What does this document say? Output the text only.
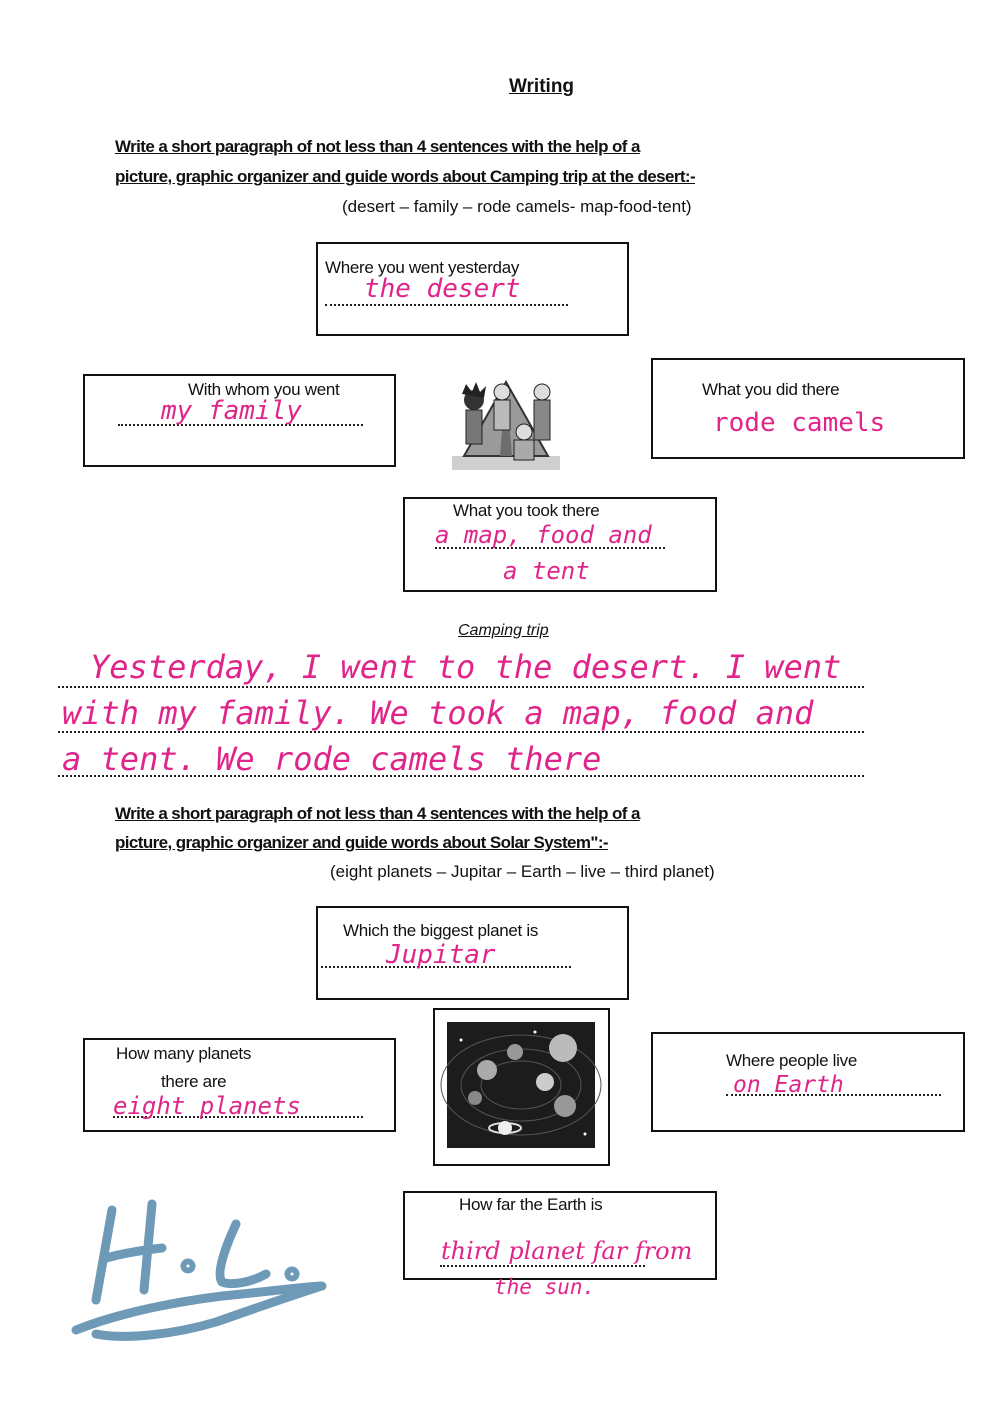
Writing
Write a short paragraph of not less than 4 sentences with the help of a
picture, graphic organizer and guide words about Camping trip at the desert:-
(desert – family – rode camels- map-food-tent)
Where you went yesterday
the desert
With whom you went
my family
What you did there
rode camels
What you took there
a map, food and
a tent
Camping trip
Yesterday, I went to the desert. I went
with my family. We took a map, food and
a tent. We rode camels there
Write a short paragraph of not less than 4 sentences with the help of a
picture, graphic organizer and guide words about Solar System":-
(eight planets – Jupitar – Earth – live – third planet)
Which the biggest planet is
Jupitar
How many planets
there are
eight planets
Where people live
on Earth
How far the Earth is
third planet far from
the sun.
